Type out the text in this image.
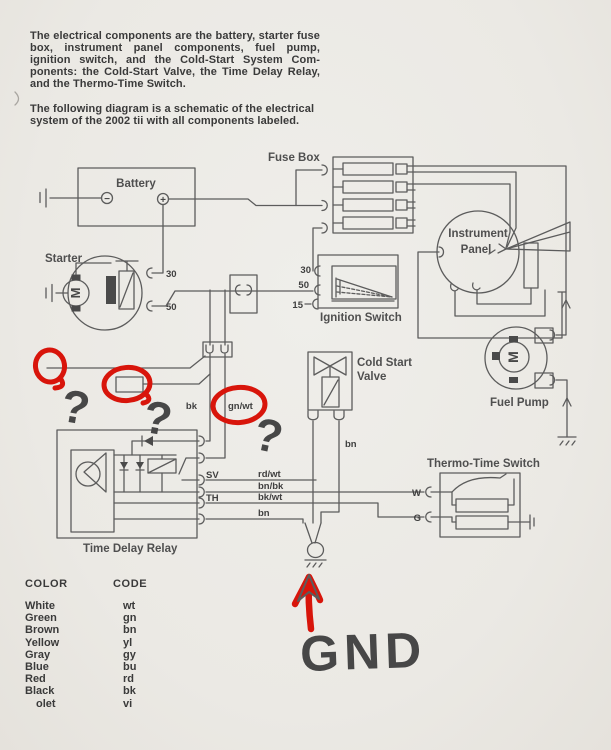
The electrical components are the battery, starter fuse box, instrument panel components, fuel pump, ignition switch, and the Cold-Start System Com-ponents: the Cold-Start Valve, the Time Delay Relay, and the Thermo-Time Switch.
The following diagram is a schematic of the electrical system of the 2002 tii with all components labeled.
Battery
−	+
Starter
M
30
50
Fuse Box
Ignition Switch
30
50
15
bk	gn/wt
Time Delay Relay
SV
TH
rd/wt
bn/bk
bk/wt
bn
Cold Start
Valve
bn
Thermo-Time Switch
W
G
Instrument
Panel
M
Fuel Pump
? ? ?
GND
COLOR	CODE
White	wt
Green	gn
Brown	bn
Yellow	yl
Gray	gy
Blue	bu
Red	rd
Black	bk
olet	vi
